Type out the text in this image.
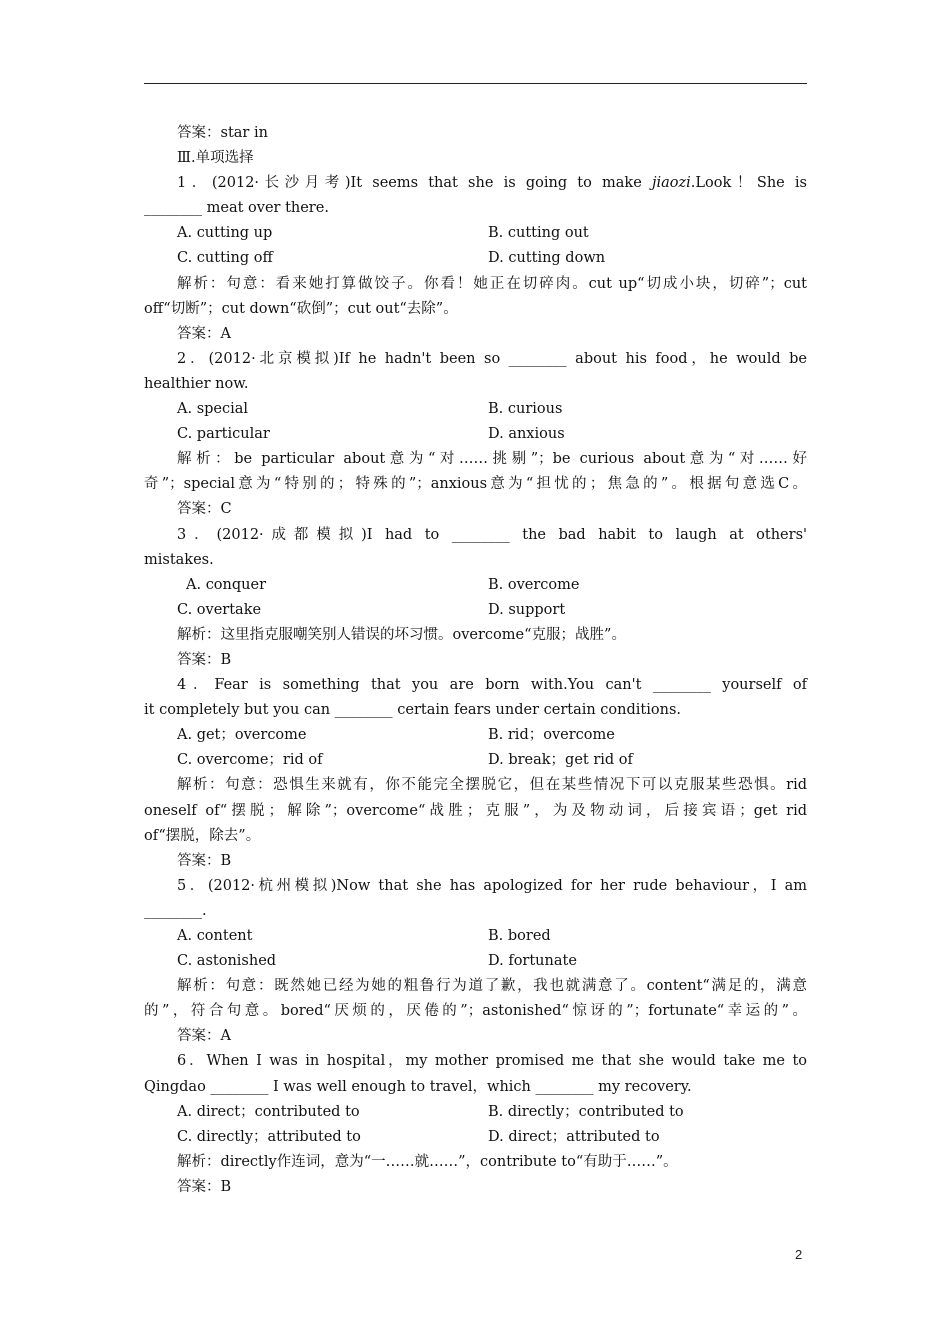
答案：star in
Ⅲ.单项选择
1．(2012·长沙月考)It seems that she is going to make jiaozi.Look！She is
________ meat over there.
A. cutting up	B. cutting out
C. cutting off	D. cutting down
解析：句意：看来她打算做饺子。你看！她正在切碎肉。cut up“切成小块，切碎”；cut
off“切断”；cut down“砍倒”；cut out“去除”。
答案：A
2．(2012·北京模拟)If he hadn't been so ________ about his food，he would be
healthier now.
A. special	B. curious
C. particular	D. anxious
解析：be particular about意为“对……挑剔”；be curious about意为“对……好
奇”；special意为“特别的；特殊的”；anxious意为“担忧的；焦急的”。根据句意选C。
答案：C
3．(2012·成都模拟)I had to ________ the bad habit to laugh at others'
mistakes.
A. conquer	B. overcome
C. overtake	D. support
解析：这里指克服嘲笑别人错误的坏习惯。overcome“克服；战胜”。
答案：B
4．Fear is something that you are born with.You can't ________ yourself of
it completely but you can ________ certain fears under certain conditions.
A. get；overcome	B. rid；overcome
C. overcome；rid of	D. break；get rid of
解析：句意：恐惧生来就有，你不能完全摆脱它，但在某些情况下可以克服某些恐惧。rid
oneself of“摆脱；解除”；overcome“战胜；克服”，为及物动词，后接宾语；get rid
of“摆脱，除去”。
答案：B
5．(2012·杭州模拟)Now that she has apologized for her rude behaviour，I am
________.
A. content	B. bored
C. astonished	D. fortunate
解析：句意：既然她已经为她的粗鲁行为道了歉，我也就满意了。content“满足的，满意
的”，符合句意。bored“厌烦的，厌倦的”；astonished“惊讶的”；fortunate“幸运的”。
答案：A
6．When I was in hospital，my mother promised me that she would take me to
Qingdao ________ I was well enough to travel，which ________ my recovery.
A. direct；contributed to	B. directly；contributed to
C. directly；attributed to	D. direct；attributed to
解析：directly作连词，意为“一……就……”，contribute to“有助于……”。
答案：B
2
